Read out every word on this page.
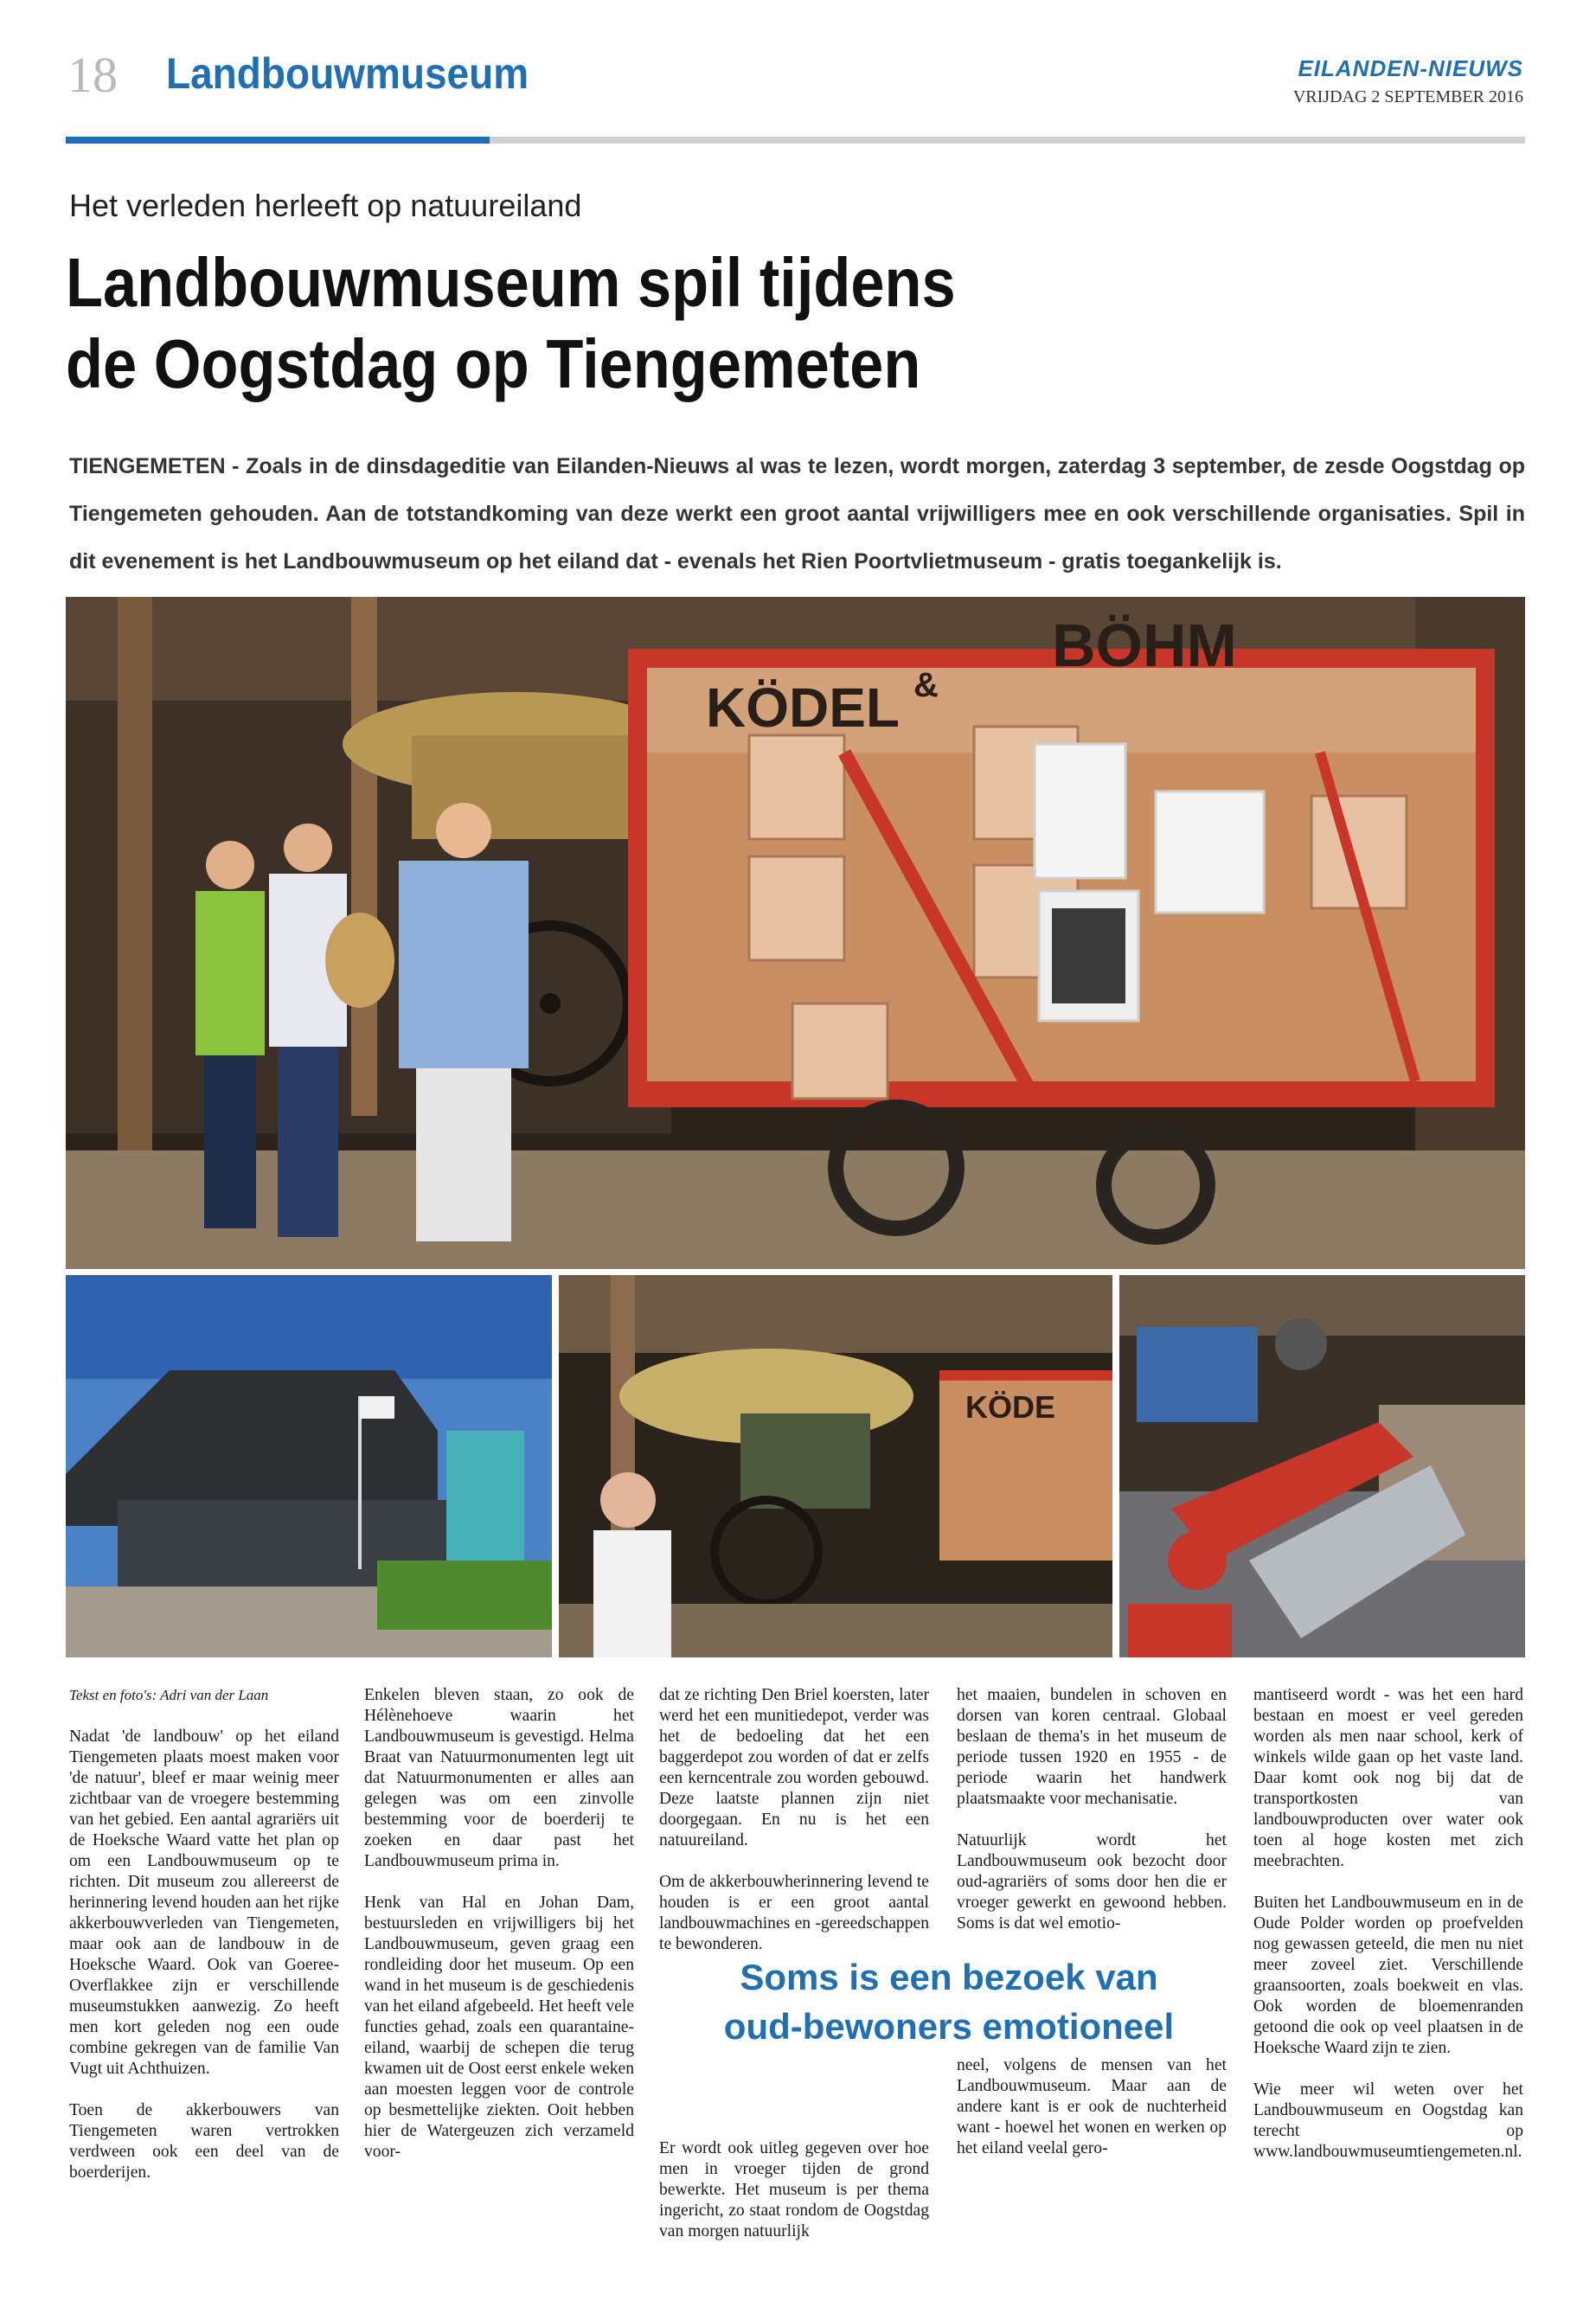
18 Landbouwmuseum	EILANDEN-NIEUWS
VRIJDAG 2 SEPTEMBER 2016
Het verleden herleeft op natuureiland
Landbouwmuseum spil tijdens
de Oogstdag op Tiengemeten
TIENGEMETEN - Zoals in de dinsdageditie van Eilanden-Nieuws al was te lezen, wordt morgen, zaterdag 3 september, de zesde Oogstdag op Tiengemeten gehouden. Aan de totstandkoming van deze werkt een groot aantal vrijwilligers mee en ook verschillende organisaties. Spil in dit evenement is het Landbouwmuseum op het eiland dat - evenals het Rien Poortvlietmuseum - gratis toegankelijk is.
KÖDEL &
BÖHM
KÖDE

Tekst en foto's: Adri van der Laan

Nadat 'de landbouw' op het eiland Tiengemeten plaats moest maken voor 'de natuur', bleef er maar weinig meer zichtbaar van de vroegere bestemming van het gebied. Een aantal agrariërs uit de Hoeksche Waard vatte het plan op om een Landbouwmuseum op te richten. Dit museum zou allereerst de herinnering levend houden aan het rijke akkerbouwverleden van Tiengemeten, maar ook aan de landbouw in de Hoeksche Waard. Ook van Goeree-Overflakkee zijn er verschillende museumstukken aanwezig. Zo heeft men kort geleden nog een oude combine gekregen van de familie Van Vugt uit Achthuizen.

Toen de akkerbouwers van Tiengemeten waren vertrokken verdween ook een deel van de boerderijen.

Enkelen bleven staan, zo ook de Hélènehoeve waarin het Landbouwmuseum is gevestigd. Helma Braat van Natuurmonumenten legt uit dat Natuurmonumenten er alles aan gelegen was om een zinvolle bestemming voor de boerderij te zoeken en daar past het Landbouwmuseum prima in.

Henk van Hal en Johan Dam, bestuursleden en vrijwilligers bij het Landbouwmuseum, geven graag een rondleiding door het museum. Op een wand in het museum is de geschiedenis van het eiland afgebeeld. Het heeft vele functies gehad, zoals een quarantaine-eiland, waarbij de schepen die terug kwamen uit de Oost eerst enkele weken aan moesten leggen voor de controle op besmettelijke ziekten. Ooit hebben hier de Watergeuzen zich verzameld voor-

dat ze richting Den Briel koersten, later werd het een munitiedepot, verder was het de bedoeling dat het een baggerdepot zou worden of dat er zelfs een kerncentrale zou worden gebouwd. Deze laatste plannen zijn niet doorgegaan. En nu is het een natuureiland.

Om de akkerbouwherinnering levend te houden is er een groot aantal landbouwmachines en -gereedschappen te bewonderen.

Er wordt ook uitleg gegeven over hoe men in vroeger tijden de grond bewerkte. Het museum is per thema ingericht, zo staat rondom de Oogstdag van morgen natuurlijk

het maaien, bundelen in schoven en dorsen van koren centraal. Globaal beslaan de thema's in het museum de periode tussen 1920 en 1955 - de periode waarin het handwerk plaatsmaakte voor mechanisatie.

Natuurlijk wordt het Landbouwmuseum ook bezocht door oud-agrariërs of soms door hen die er vroeger gewerkt en gewoond hebben. Soms is dat wel emotio-

neel, volgens de mensen van het Landbouwmuseum. Maar aan de andere kant is er ook de nuchterheid want - hoewel het wonen en werken op het eiland veelal gero-

mantiseerd wordt - was het een hard bestaan en moest er veel gereden worden als men naar school, kerk of winkels wilde gaan op het vaste land. Daar komt ook nog bij dat de transportkosten van landbouwproducten over water ook toen al hoge kosten met zich meebrachten.

Buiten het Landbouwmuseum en in de Oude Polder worden op proefvelden nog gewassen geteeld, die men nu niet meer zoveel ziet. Verschillende graansoorten, zoals boekweit en vlas. Ook worden de bloemenranden getoond die ook op veel plaatsen in de Hoeksche Waard zijn te zien.

Wie meer wil weten over het Landbouwmuseum en Oogstdag kan terecht op www.landbouwmuseumtiengemeten.nl.

Soms is een bezoek van
oud-bewoners emotioneel
